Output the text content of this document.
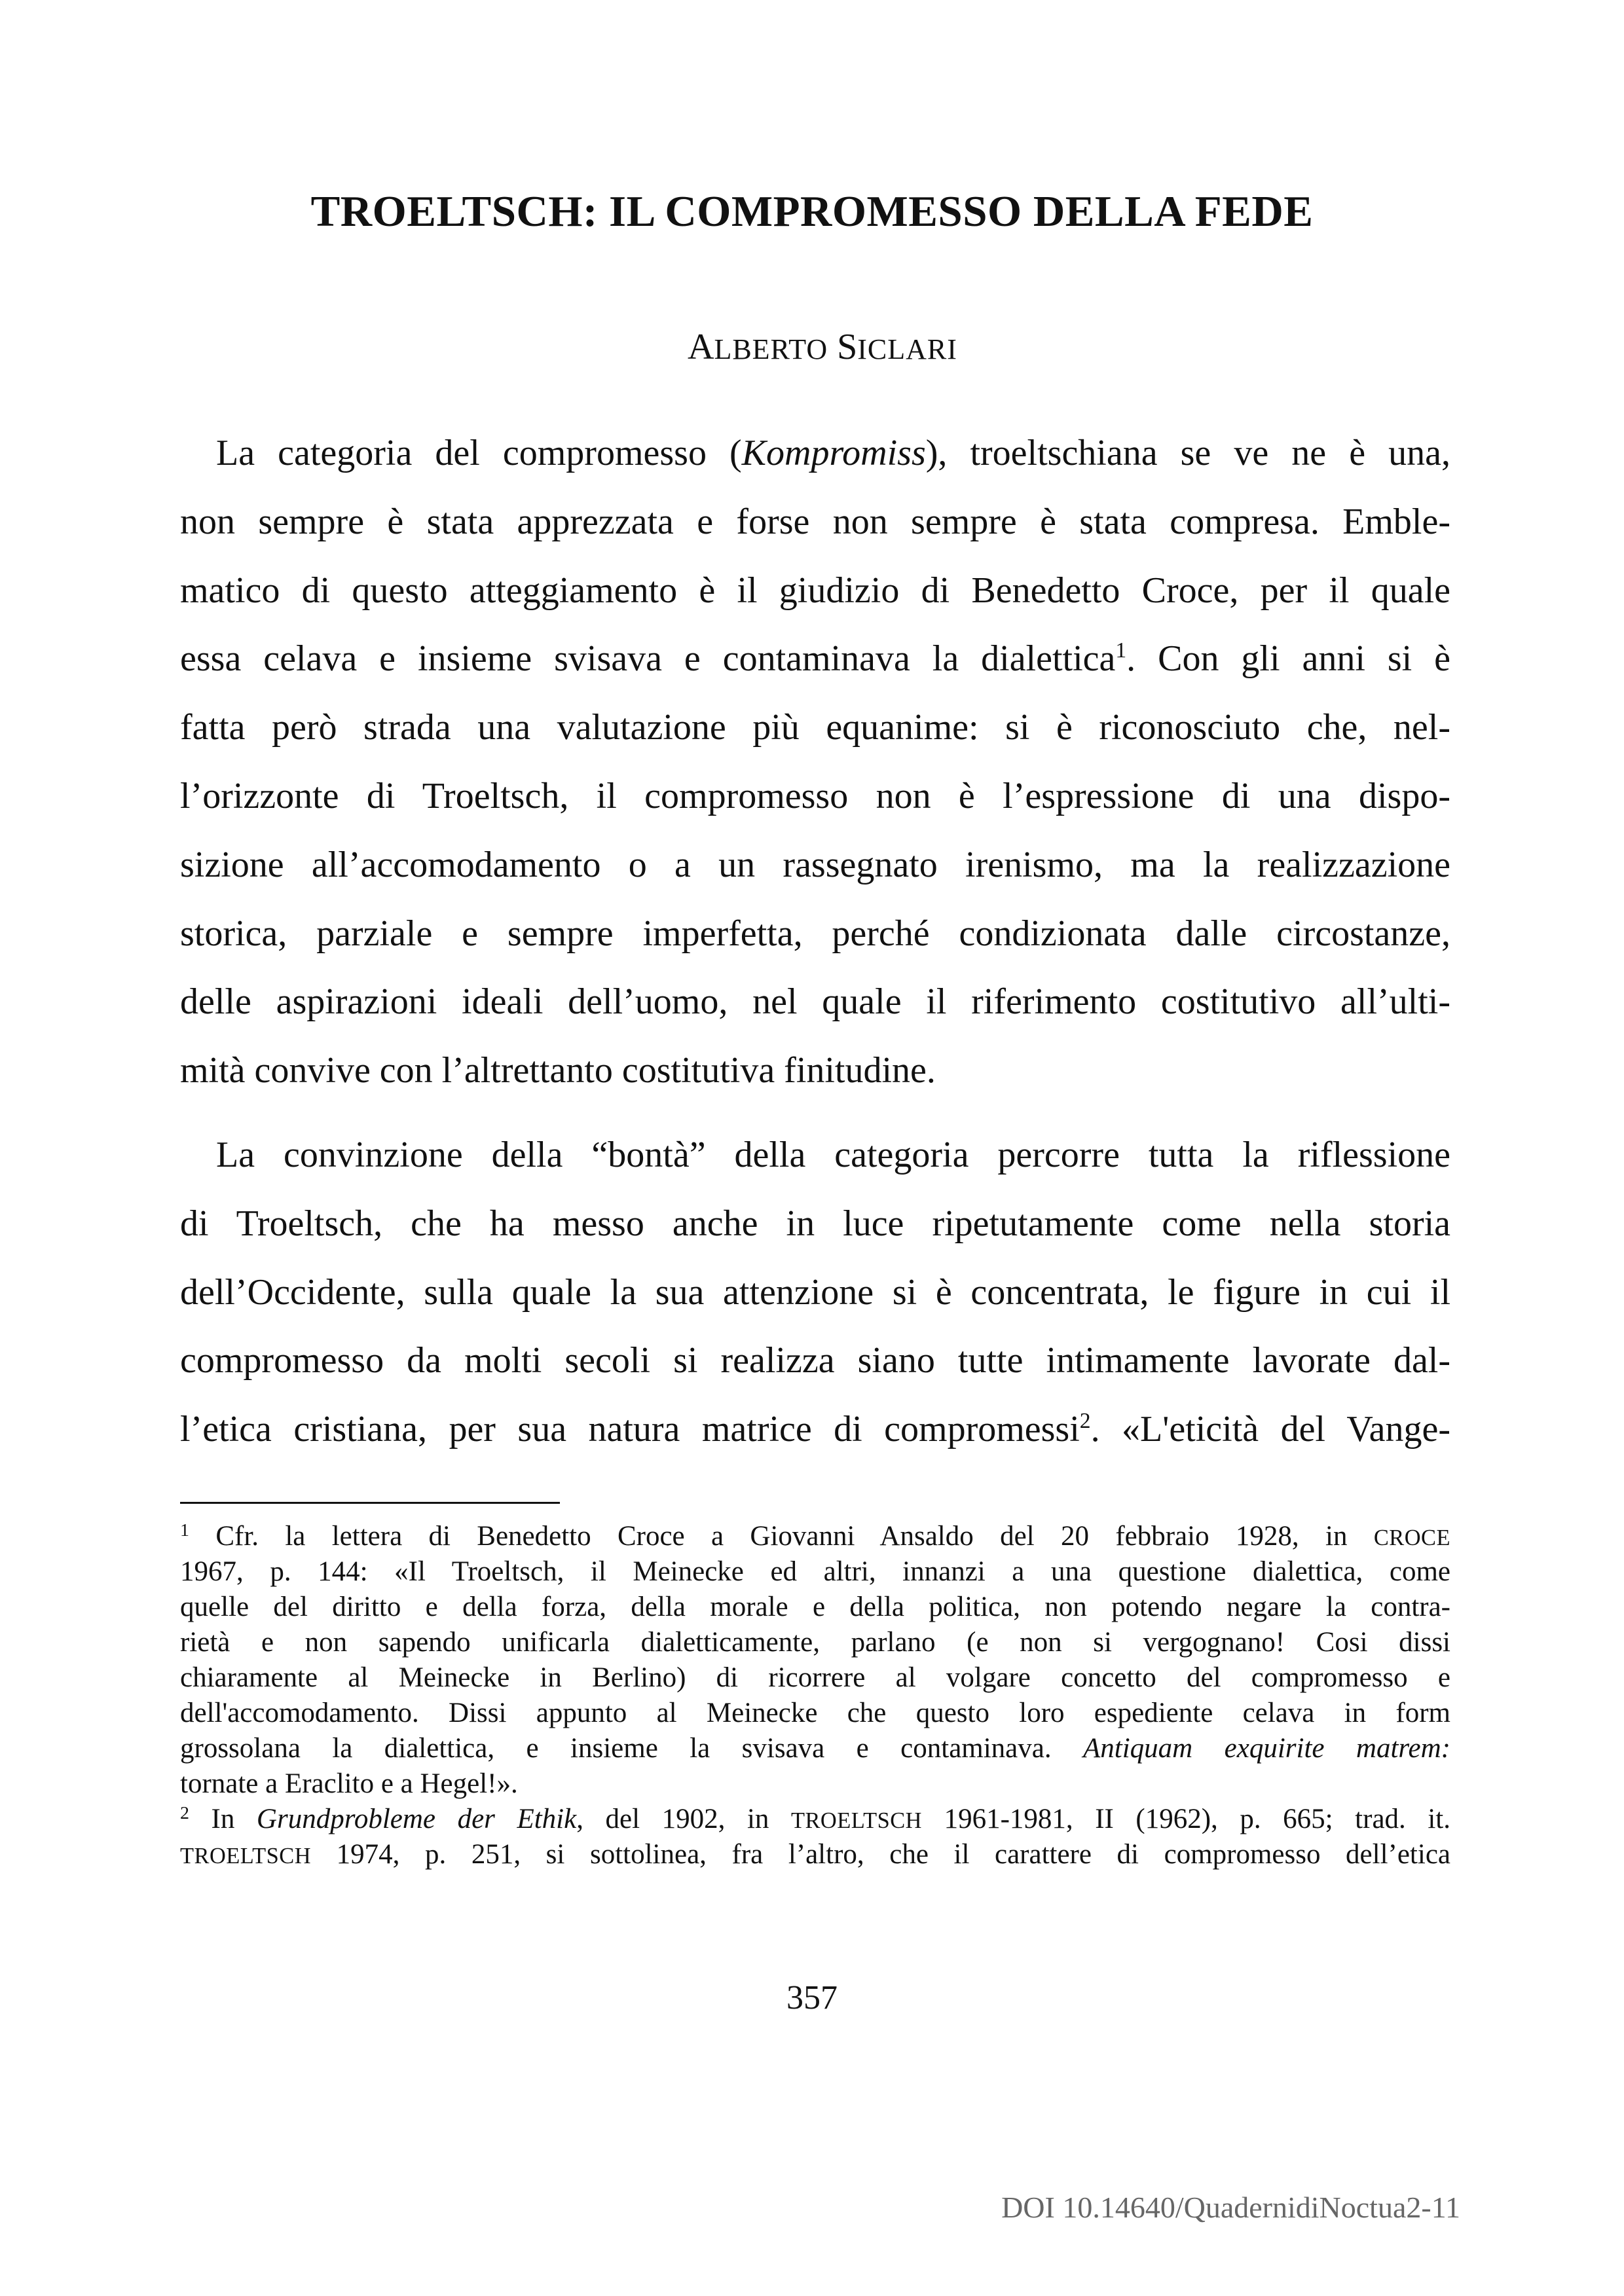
TROELTSCH: IL COMPROMESSO DELLA FEDE

ALBERTO SICLARI

La categoria del compromesso (Kompromiss), troeltschiana se ve ne è una,
non sempre è stata apprezzata e forse non sempre è stata compresa. Emble-
matico di questo atteggiamento è il giudizio di Benedetto Croce, per il quale
essa celava e insieme svisava e contaminava la dialettica$^1$. Con gli anni si è
fatta però strada una valutazione più equanime: si è riconosciuto che, nel-
l’orizzonte di Troeltsch, il compromesso non è l’espressione di una dispo-
sizione all’accomodamento o a un rassegnato irenismo, ma la realizzazione
storica, parziale e sempre imperfetta, perché condizionata dalle circostanze,
delle aspirazioni ideali dell’uomo, nel quale il riferimento costitutivo all’ulti-
mità convive con l’altrettanto costitutiva finitudine.
La convinzione della “bontà” della categoria percorre tutta la riflessione
di Troeltsch, che ha messo anche in luce ripetutamente come nella storia
dell’Occidente, sulla quale la sua attenzione si è concentrata, le figure in cui il
compromesso da molti secoli si realizza siano tutte intimamente lavorate dal-
l’etica cristiana, per sua natura matrice di compromessi$^2$. «L'eticità del Vange-
$^1$ Cfr. la lettera di Benedetto Croce a Giovanni Ansaldo del 20 febbraio 1928, in CROCE
1967, p. 144: «Il Troeltsch, il Meinecke ed altri, innanzi a una questione dialettica, come
quelle del diritto e della forza, della morale e della politica, non potendo negare la contra-
rietà e non sapendo unificarla dialetticamente, parlano (e non si vergognano! Cosi dissi
chiaramente al Meinecke in Berlino) di ricorrere al volgare concetto del compromesso e
dell'accomodamento. Dissi appunto al Meinecke che questo loro espediente celava in form
grossolana la dialettica, e insieme la svisava e contaminava. Antiquam exquirite matrem:
tornate a Eraclito e a Hegel!».
$^2$ In Grundprobleme der Ethik, del 1902, in TROELTSCH 1961-1981, II (1962), p. 665; trad. it.
TROELTSCH 1974, p. 251, si sottolinea, fra l’altro, che il carattere di compromesso dell’etica

357

DOI 10.14640/QuadernidiNoctua2-11
